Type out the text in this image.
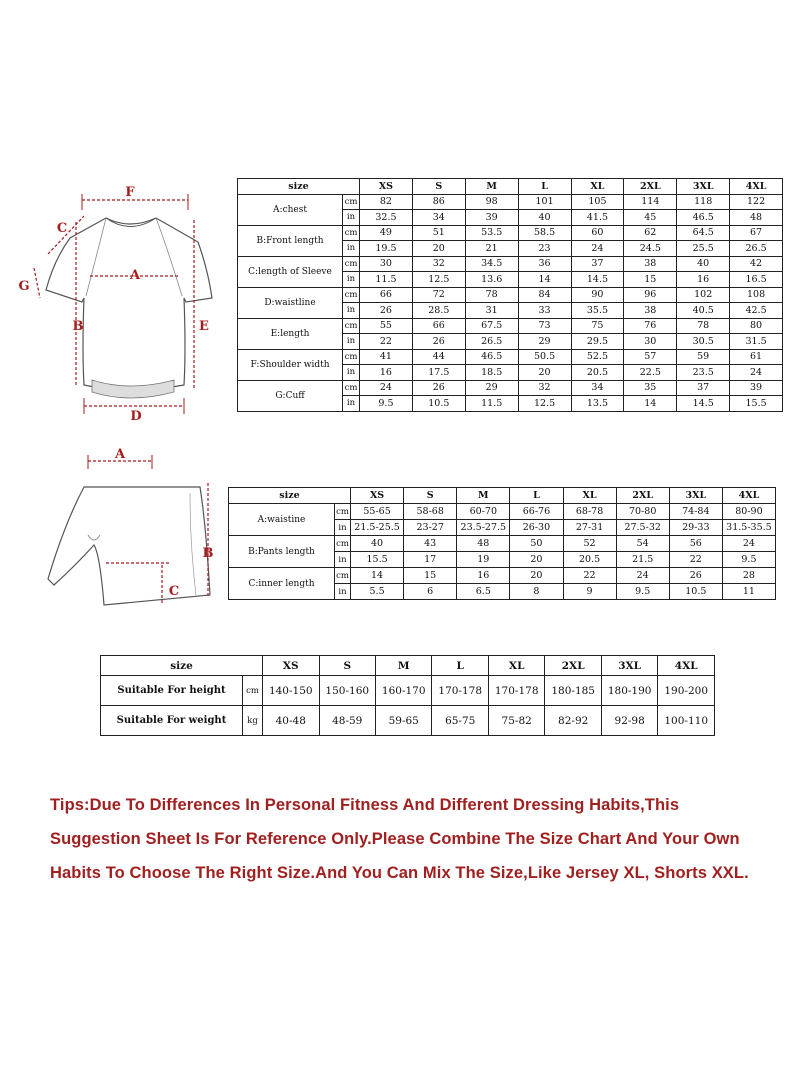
F
C
G
A
B	E
D
A
B
C
size		XS	S	M	L	XL	2XL	3XL	4XL
A:chest	cm	82	86	98	101	105	114	118	122
	in	32.5	34	39	40	41.5	45	46.5	48
B:Front length	cm	49	51	53.5	58.5	60	62	64.5	67
	in	19.5	20	21	23	24	24.5	25.5	26.5
C:length of Sleeve	cm	30	32	34.5	36	37	38	40	42
	in	11.5	12.5	13.6	14	14.5	15	16	16.5
D:waistline	cm	66	72	78	84	90	96	102	108
	in	26	28.5	31	33	35.5	38	40.5	42.5
E:length	cm	55	66	67.5	73	75	76	78	80
	in	22	26	26.5	29	29.5	30	30.5	31.5
F:Shoulder width	cm	41	44	46.5	50.5	52.5	57	59	61
	in	16	17.5	18.5	20	20.5	22.5	23.5	24
G:Cuff	cm	24	26	29	32	34	35	37	39
	in	9.5	10.5	11.5	12.5	13.5	14	14.5	15.5
size		XS	S	M	L	XL	2XL	3XL	4XL
A:waistine	cm	55-65	58-68	60-70	66-76	68-78	70-80	74-84	80-90
	in	21.5-25.5	23-27	23.5-27.5	26-30	27-31	27.5-32	29-33	31.5-35.5
B:Pants length	cm	40	43	48	50	52	54	56	24
	in	15.5	17	19	20	20.5	21.5	22	9.5
C:inner length	cm	14	15	16	20	22	24	26	28
	in	5.5	6	6.5	8	9	9.5	10.5	11
size		XS	S	M	L	XL	2XL	3XL	4XL
Suitable For height	cm	140-150	150-160	160-170	170-178	170-178	180-185	180-190	190-200
Suitable For weight	kg	40-48	48-59	59-65	65-75	75-82	82-92	92-98	100-110

Tips:Due To Differences In Personal Fitness And Different Dressing Habits,This Suggestion Sheet Is For Reference Only.Please Combine The Size Chart And Your Own Habits To Choose The Right Size.And You Can Mix The Size,Like Jersey XL, Shorts XXL.
